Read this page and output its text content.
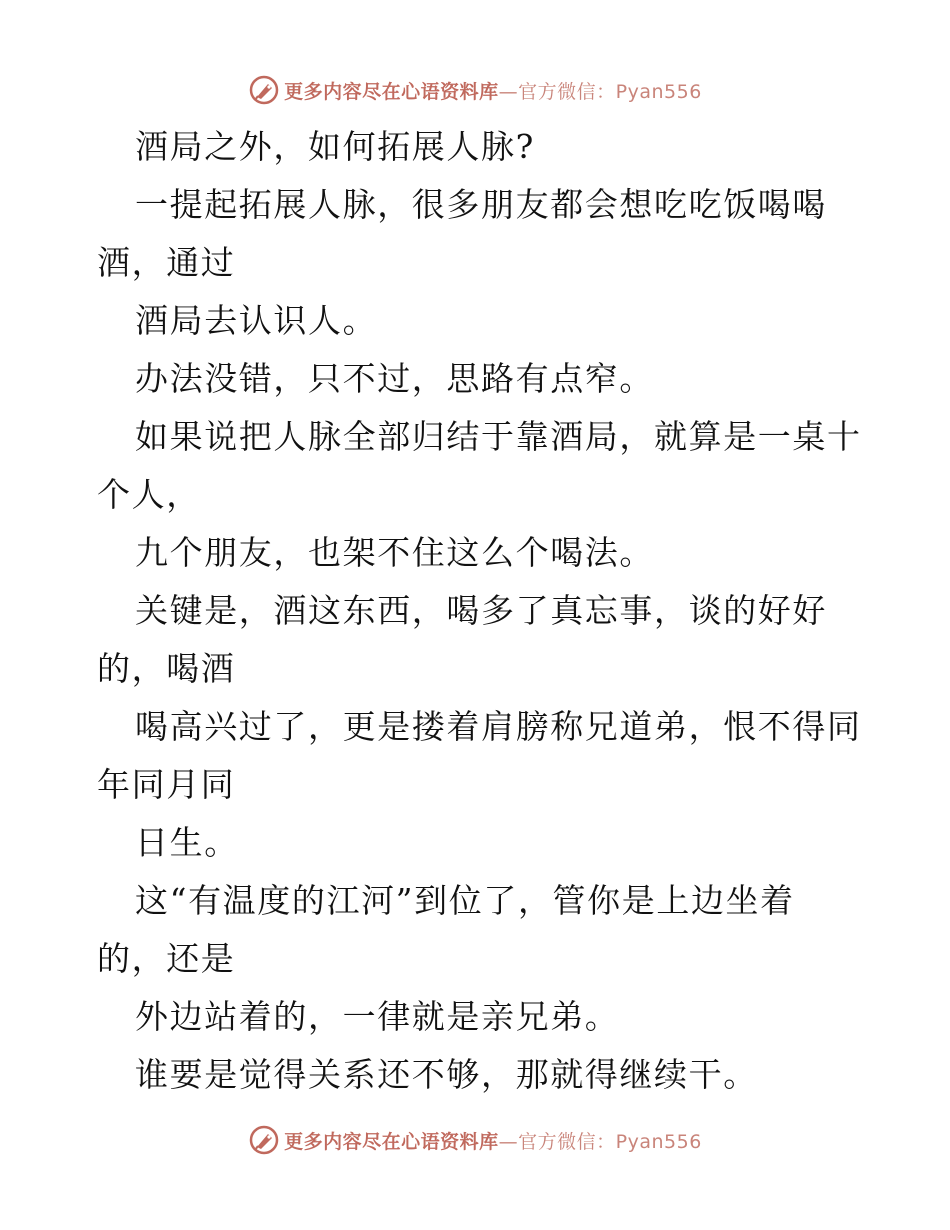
更多内容尽在心语资料库—官方微信：Pyan556
酒局之外，如何拓展人脉?
一提起拓展人脉，很多朋友都会想吃吃饭喝喝
酒，通过
酒局去认识人。
办法没错，只不过，思路有点窄。
如果说把人脉全部归结于靠酒局，就算是一桌十
个人，
九个朋友，也架不住这么个喝法。
关键是，酒这东西，喝多了真忘事，谈的好好
的，喝酒
喝高兴过了，更是搂着肩膀称兄道弟，恨不得同
年同月同
日生。
这“有温度的江河”到位了，管你是上边坐着
的，还是
外边站着的，一律就是亲兄弟。
谁要是觉得关系还不够，那就得继续干。
更多内容尽在心语资料库—官方微信：Pyan556
